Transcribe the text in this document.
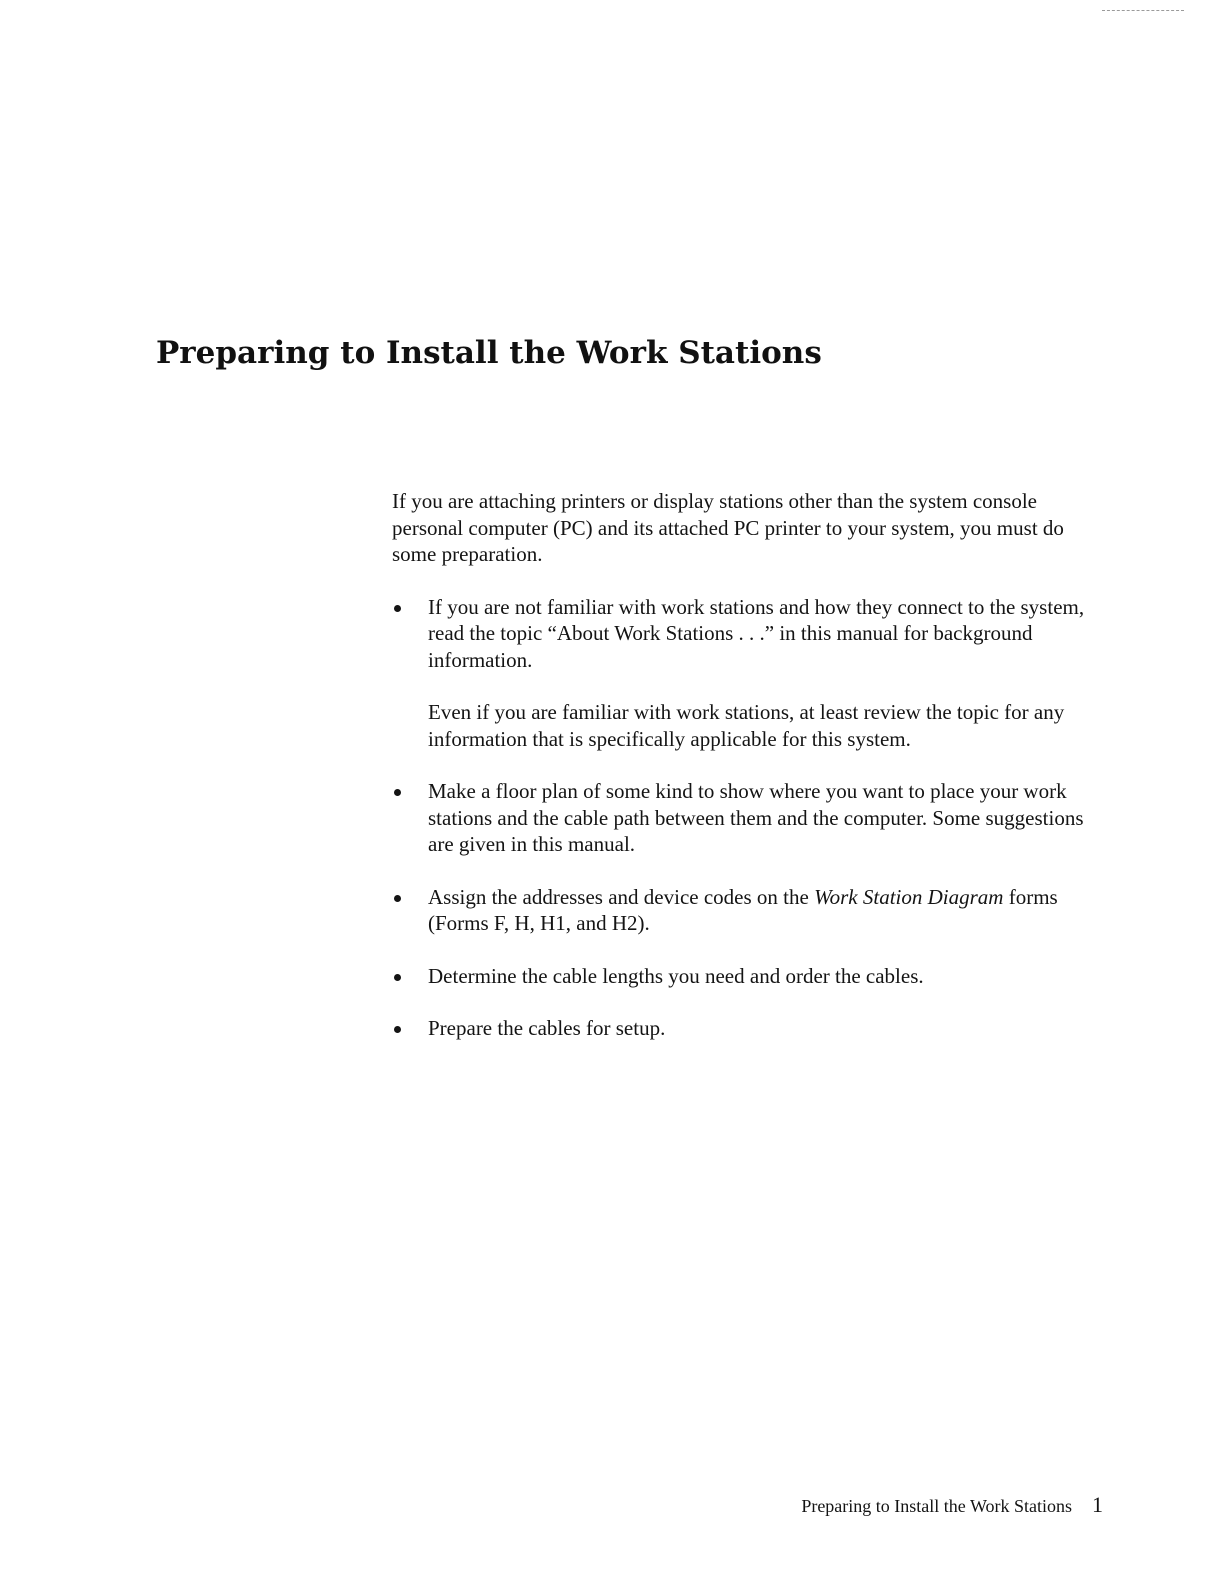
Preparing to Install the Work Stations

If you are attaching printers or display stations other than the system console personal computer (PC) and its attached PC printer to your system, you must do some preparation.

If you are not familiar with work stations and how they connect to the system, read the topic “About Work Stations . . .” in this manual for background information.

Even if you are familiar with work stations, at least review the topic for any information that is specifically applicable for this system.

Make a floor plan of some kind to show where you want to place your work stations and the cable path between them and the computer. Some suggestions are given in this manual.

Assign the addresses and device codes on the Work Station Diagram forms (Forms F, H, H1, and H2).

Determine the cable lengths you need and order the cables.

Prepare the cables for setup.

Preparing to Install the Work Stations 1
